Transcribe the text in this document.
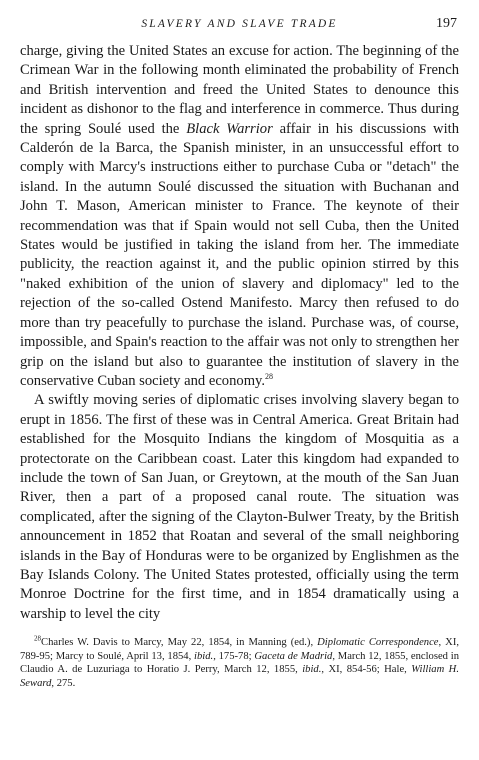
SLAVERY AND SLAVE TRADE	197

charge, giving the United States an excuse for action. The beginning of the Crimean War in the following month eliminated the probability of French and British intervention and freed the United States to denounce this incident as dishonor to the flag and interference in commerce. Thus during the spring Soulé used the Black Warrior affair in his discussions with Calderón de la Barca, the Spanish minister, in an unsuccessful effort to comply with Marcy's instructions either to purchase Cuba or "detach" the island. In the autumn Soulé discussed the situation with Buchanan and John T. Mason, American minister to France. The keynote of their recommendation was that if Spain would not sell Cuba, then the United States would be justified in taking the island from her. The immediate publicity, the reaction against it, and the public opinion stirred by this "naked exhibition of the union of slavery and diplomacy" led to the rejection of the so-called Ostend Manifesto. Marcy then refused to do more than try peacefully to purchase the island. Purchase was, of course, impossible, and Spain's reaction to the affair was not only to strengthen her grip on the island but also to guarantee the institution of slavery in the conservative Cuban society and economy.$^{28}$

A swiftly moving series of diplomatic crises involving slavery began to erupt in 1856. The first of these was in Central America. Great Britain had established for the Mosquito Indians the kingdom of Mosquitia as a protectorate on the Caribbean coast. Later this kingdom had expanded to include the town of San Juan, or Greytown, at the mouth of the San Juan River, then a part of a proposed canal route. The situation was complicated, after the signing of the Clayton-Bulwer Treaty, by the British announcement in 1852 that Roatan and several of the small neighboring islands in the Bay of Honduras were to be organized by Englishmen as the Bay Islands Colony. The United States protested, officially using the term Monroe Doctrine for the first time, and in 1854 dramatically using a warship to level the city

$^{28}$Charles W. Davis to Marcy, May 22, 1854, in Manning (ed.), Diplomatic Correspondence, XI, 789-95; Marcy to Soulé, April 13, 1854, ibid., 175-78; Gaceta de Madrid, March 12, 1855, enclosed in Claudio A. de Luzuriaga to Horatio J. Perry, March 12, 1855, ibid., XI, 854-56; Hale, William H. Seward, 275.
